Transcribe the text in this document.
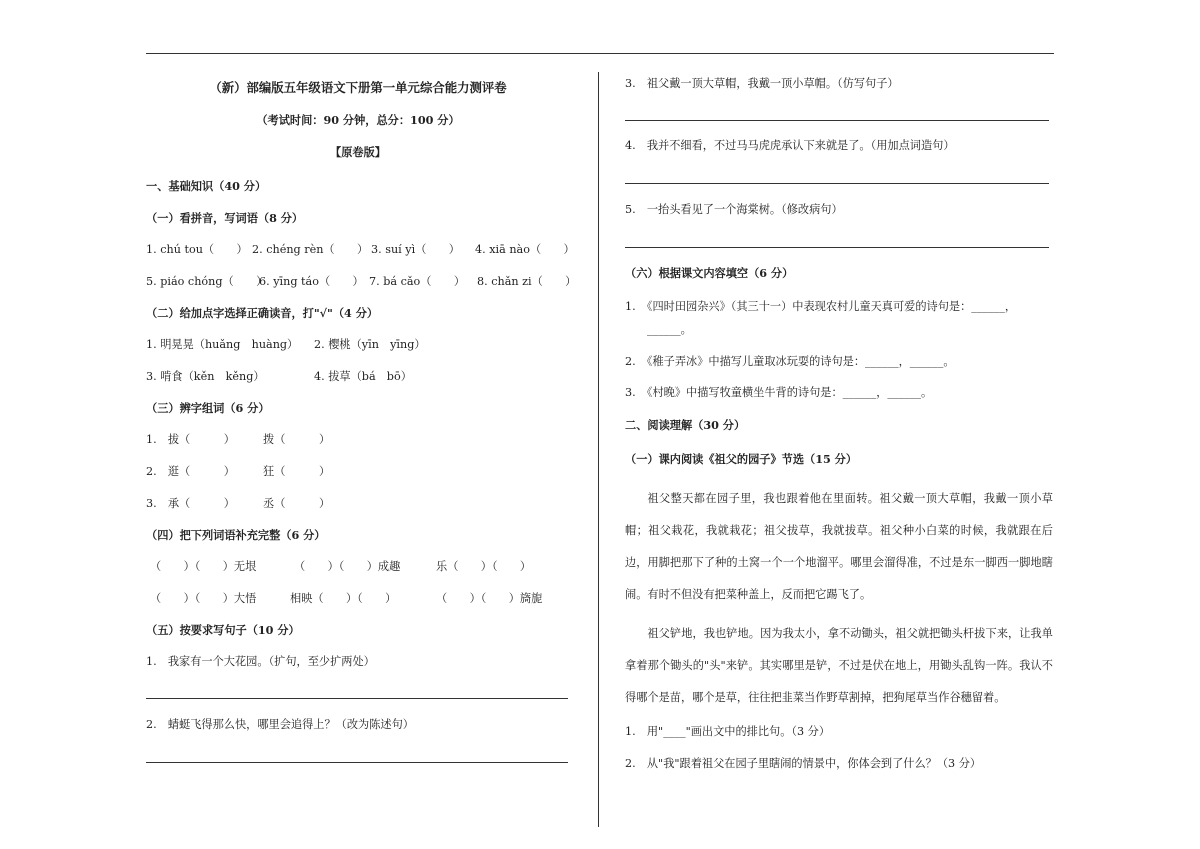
（新）部编版五年级语文下册第一单元综合能力测评卷
（考试时间：90 分钟，总分：100 分）
【原卷版】
一、基础知识（40 分）
（一）看拼音，写词语（8 分）
1. chú tou（　　） 2. chéng rèn（　　） 3. suí yì（　　） 4. xiā nào（　　）
5. piáo chóng（　　）
6. yīng táo（　　） 7. bá cǎo（　　） 8. chǎn zi（　　）
（二）给加点字选择正确读音，打"√"（4 分）
1. 明晃晃（huǎng　huàng） 2. 樱桃（yīn　yīng）
3. 啃食（kěn　kěng）	4. 拔草（bá　bō）
（三）辨字组词（6 分）
1.　拔（　　　）	拨（　　　）
2.　逛（　　　）	狂（　　　）
3.　承（　　　）	丞（　　　）
（四）把下列词语补充完整（6 分）
（　　）（　　）无垠	（　　）（　　）成趣	乐（　　）（　　）
（　　）（　　）大悟	相映（　　）（　　）	（　　）（　　）旖旎
（五）按要求写句子（10 分）
1.　我家有一个大花园。（扩句，至少扩两处）
2.　蜻蜓飞得那么快，哪里会追得上？（改为陈述句）
3.　祖父戴一顶大草帽，我戴一顶小草帽。（仿写句子）
4.　我并不细看，不过马马虎虎承认下来就是了。（用加点词造句）
5.　一抬头看见了一个海棠树。（修改病句）
（六）根据课文内容填空（6 分）
1.　《四时田园杂兴》（其三十一）中表现农村儿童天真可爱的诗句是：______，
______。
2.　《稚子弄冰》中描写儿童取冰玩耍的诗句是：______，______。
3.　《村晚》中描写牧童横坐牛背的诗句是：______，______。
二、阅读理解（30 分）
（一）课内阅读《祖父的园子》节选（15 分）
祖父整天都在园子里，我也跟着他在里面转。祖父戴一顶大草帽，我戴一顶小草帽；祖父栽花，我就栽花；祖父拔草，我就拔草。祖父种小白菜的时候，我就跟在后边，用脚把那下了种的土窝一个一个地溜平。哪里会溜得准，不过是东一脚西一脚地瞎闹。有时不但没有把菜种盖上，反而把它踢飞了。
祖父铲地，我也铲地。因为我太小，拿不动锄头，祖父就把锄头杆拔下来，让我单拿着那个锄头的"头"来铲。其实哪里是铲，不过是伏在地上，用锄头乱钩一阵。我认不得哪个是苗，哪个是草，往往把韭菜当作野草割掉，把狗尾草当作谷穗留着。
1.　用"____"画出文中的排比句。（3 分）
2.　从"我"跟着祖父在园子里瞎闹的情景中，你体会到了什么？（3 分）
